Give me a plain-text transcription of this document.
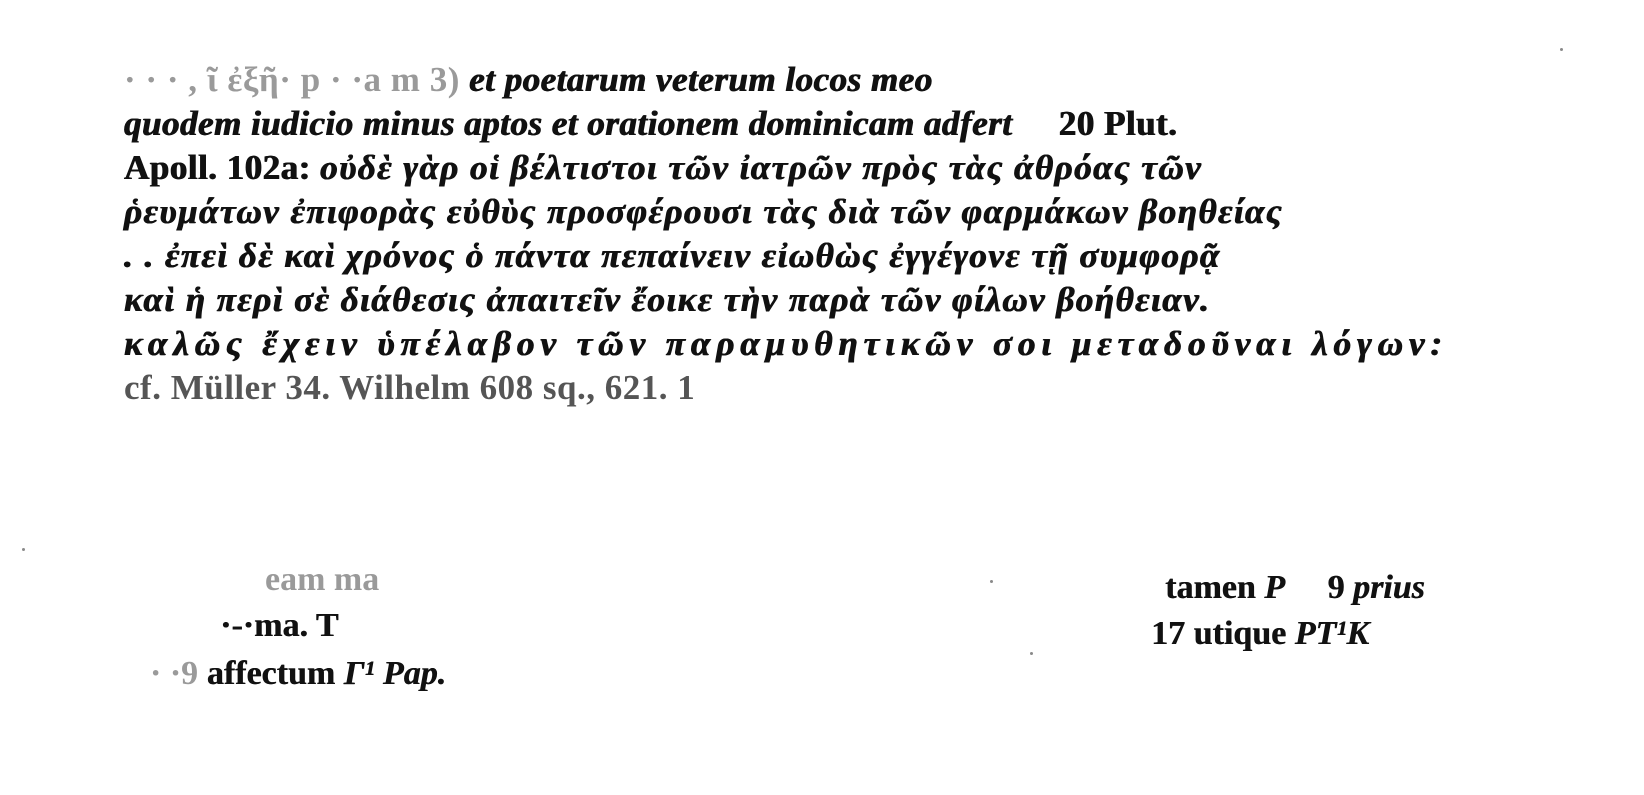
· · · , ῖ ἐξῆ· p · ·a m 3) et poetarum veterum locos meo
quodem iudicio minus aptos et orationem dominicam adfert     20 Plut.
Apoll. 102a: οὐδὲ γὰρ οἱ βέλτιστοι τῶν ἰατρῶν πρὸς τὰς ἀθρόας τῶν
ῥευμάτων ἐπιφορὰς εὐθὺς προσφέρουσι τὰς διὰ τῶν φαρμάκων βοηθείας
. . ἐπεὶ δὲ καὶ χρόνος ὁ πάντα πεπαίνειν εἰωθὼς ἐγγέγονε τῇ συμφορᾷ
καὶ ἡ περὶ σὲ διάθεσις ἀπαιτεῖν ἔοικε τὴν παρὰ τῶν φίλων βοήθειαν.
καλῶς ἔχειν ὑπέλαβον τῶν παραμυθητικῶν σοι μεταδοῦναι λόγων:
cf. Müller 34. Wilhelm 608 sq., 621. 1
eam ma
·-·ma. T
· ·9 affectum Γ¹ Pap.
tamen P     9 prius
17 utique PT¹K
